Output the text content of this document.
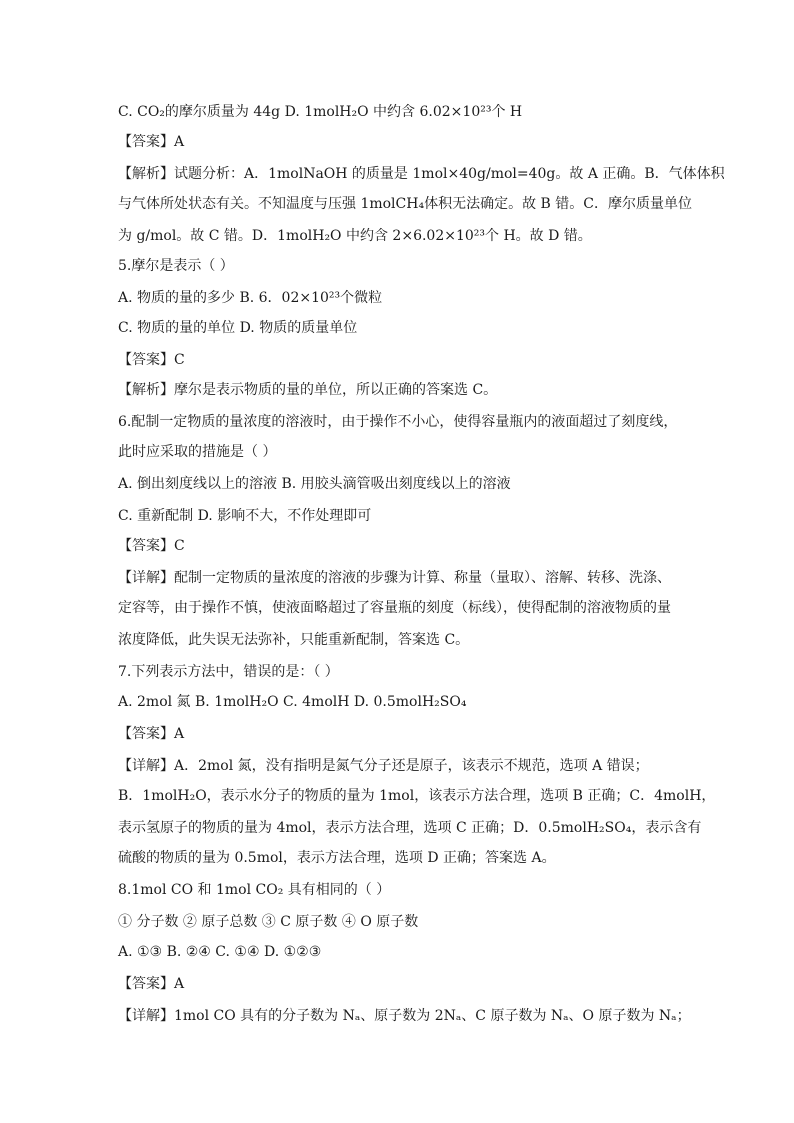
C. CO₂的摩尔质量为 44g D. 1molH₂O 中约含 6.02×10²³个 H
【答案】A
【解析】试题分析：A．1molNaOH 的质量是 1mol×40g/mol=40g。故 A 正确。B．气体体积
与气体所处状态有关。不知温度与压强 1molCH₄体积无法确定。故 B 错。C．摩尔质量单位
为 g/mol。故 C 错。D．1molH₂O 中约含 2×6.02×10²³个 H。故 D 错。
5.摩尔是表示（ ）
A. 物质的量的多少 B. 6．02×10²³个微粒
C. 物质的量的单位 D. 物质的质量单位
【答案】C
【解析】摩尔是表示物质的量的单位，所以正确的答案选 C。
6.配制一定物质的量浓度的溶液时，由于操作不小心，使得容量瓶内的液面超过了刻度线，
此时应采取的措施是（ ）
A. 倒出刻度线以上的溶液 B. 用胶头滴管吸出刻度线以上的溶液
C. 重新配制 D. 影响不大，不作处理即可
【答案】C
【详解】配制一定物质的量浓度的溶液的步骤为计算、称量（量取）、溶解、转移、洗涤、
定容等，由于操作不慎，使液面略超过了容量瓶的刻度（标线），使得配制的溶液物质的量
浓度降低，此失误无法弥补，只能重新配制，答案选 C。
7.下列表示方法中，错误的是：（ ）
A. 2mol 氮 B. 1molH₂O C. 4molH D. 0.5molH₂SO₄
【答案】A
【详解】A．2mol 氮，没有指明是氮气分子还是原子，该表示不规范，选项 A 错误；
B．1molH₂O，表示水分子的物质的量为 1mol，该表示方法合理，选项 B 正确；C．4molH，
表示氢原子的物质的量为 4mol，表示方法合理，选项 C 正确；D．0.5molH₂SO₄，表示含有
硫酸的物质的量为 0.5mol，表示方法合理，选项 D 正确；答案选 A。
8.1mol CO 和 1mol CO₂ 具有相同的（ ）
① 分子数 ② 原子总数 ③ C 原子数 ④ O 原子数
A. ①③ B. ②④ C. ①④ D. ①②③
【答案】A
【详解】1mol CO 具有的分子数为 Nₐ、原子数为 2Nₐ、C 原子数为 Nₐ、O 原子数为 Nₐ；
